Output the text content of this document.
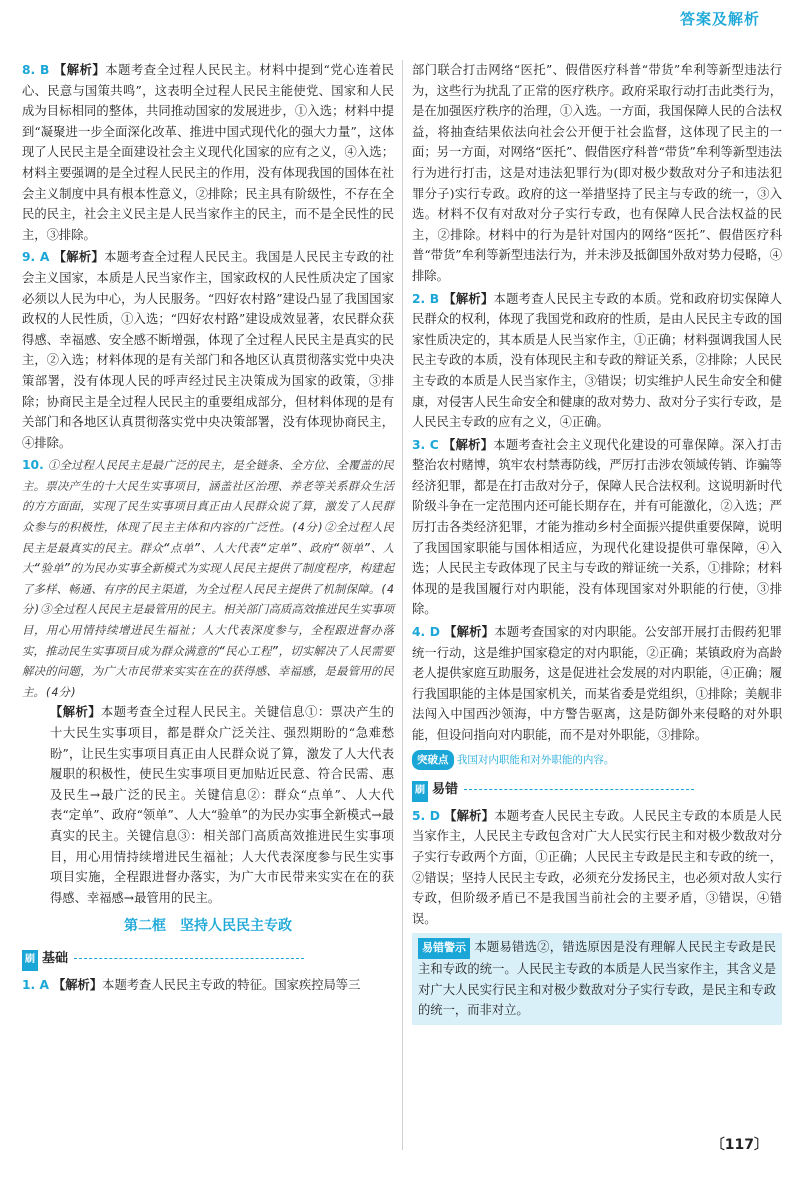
答案及解析

8. B 【解析】本题考查全过程人民民主。材料中提到“党心连着民心、民意与国策共鸣”，这表明全过程人民民主能使党、国家和人民成为目标相同的整体，共同推动国家的发展进步，①入选；材料中提到“凝聚进一步全面深化改革、推进中国式现代化的强大力量”，这体现了人民民主是全面建设社会主义现代化国家的应有之义，④入选；材料主要强调的是全过程人民民主的作用，没有体现我国的国体在社会主义制度中具有根本性意义，②排除；民主具有阶级性，不存在全民的民主，社会主义民主是人民当家作主的民主，而不是全民性的民主，③排除。

9. A 【解析】本题考查全过程人民民主。我国是人民民主专政的社会主义国家，本质是人民当家作主，国家政权的人民性质决定了国家必须以人民为中心，为人民服务。“四好农村路”建设凸显了我国国家政权的人民性质，①入选；“四好农村路”建设成效显著，农民群众获得感、幸福感、安全感不断增强，体现了全过程人民民主是真实的民主，②入选；材料体现的是有关部门和各地区认真贯彻落实党中央决策部署，没有体现人民的呼声经过民主决策成为国家的政策，③排除；协商民主是全过程人民民主的重要组成部分，但材料体现的是有关部门和各地区认真贯彻落实党中央决策部署，没有体现协商民主，④排除。

10. ①全过程人民民主是最广泛的民主，是全链条、全方位、全覆盖的民主。票决产生的十大民生实事项目，涵盖社区治理、养老等关系群众生活的方方面面，实现了民生实事项目真正由人民群众说了算，激发了人民群众参与的积极性，体现了民主主体和内容的广泛性。(4分)②全过程人民民主是最真实的民主。群众“点单”、人大代表“定单”、政府“领单”、人大“验单”的为民办实事全新模式为实现人民民主提供了制度程序，构建起了多样、畅通、有序的民主渠道，为全过程人民民主提供了机制保障。(4分)③全过程人民民主是最管用的民主。相关部门高质高效推进民生实事项目，用心用情持续增进民生福祉；人大代表深度参与，全程跟进督办落实，推动民生实事项目成为群众满意的“民心工程”，切实解决了人民需要解决的问题，为广大市民带来实实在在的获得感、幸福感，是最管用的民主。(4分)

【解析】本题考查全过程人民民主。关键信息①：票决产生的十大民生实事项目，都是群众广泛关注、强烈期盼的“急难愁盼”，让民生实事项目真正由人民群众说了算，激发了人大代表履职的积极性，使民生实事项目更加贴近民意、符合民需、惠及民生→最广泛的民主。关键信息②：群众“点单”、人大代表“定单”、政府“领单”、人大“验单”的为民办实事全新模式→最真实的民主。关键信息③：相关部门高质高效推进民生实事项目，用心用情持续增进民生福祉；人大代表深度参与民生实事项目实施，全程跟进督办落实，为广大市民带来实实在在的获得感、幸福感→最管用的民主。

第二框　坚持人民民主专政
刷 基础

1. A 【解析】本题考查人民民主专政的特征。国家疾控局等三

部门联合打击网络“医托”、假借医疗科普“带货”牟利等新型违法行为，这些行为扰乱了正常的医疗秩序。政府采取行动打击此类行为，是在加强医疗秩序的治理，①入选。一方面，我国保障人民的合法权益，将抽查结果依法向社会公开便于社会监督，这体现了民主的一面；另一方面，对网络“医托”、假借医疗科普“带货”牟利等新型违法行为进行打击，这是对违法犯罪行为(即对极少数敌对分子和违法犯罪分子)实行专政。政府的这一举措坚持了民主与专政的统一，③入选。材料不仅有对敌对分子实行专政，也有保障人民合法权益的民主，②排除。材料中的行为是针对国内的网络“医托”、假借医疗科普“带货”牟利等新型违法行为，并未涉及抵御国外敌对势力侵略，④排除。

2. B 【解析】本题考查人民民主专政的本质。党和政府切实保障人民群众的权利，体现了我国党和政府的性质，是由人民民主专政的国家性质决定的，其本质是人民当家作主，①正确；材料强调我国人民民主专政的本质，没有体现民主和专政的辩证关系，②排除；人民民主专政的本质是人民当家作主，③错误；切实维护人民生命安全和健康，对侵害人民生命安全和健康的敌对势力、敌对分子实行专政，是人民民主专政的应有之义，④正确。

3. C 【解析】本题考查社会主义现代化建设的可靠保障。深入打击整治农村赌博，筑牢农村禁毒防线，严厉打击涉农领域传销、诈骗等经济犯罪，都是在打击敌对分子，保障人民合法权利。这说明新时代阶级斗争在一定范围内还可能长期存在，并有可能激化，②入选；严厉打击各类经济犯罪，才能为推动乡村全面振兴提供重要保障，说明了我国国家职能与国体相适应，为现代化建设提供可靠保障，④入选；人民民主专政体现了民主与专政的辩证统一关系，①排除；材料体现的是我国履行对内职能，没有体现国家对外职能的行使，③排除。

4. D 【解析】本题考查国家的对内职能。公安部开展打击假药犯罪统一行动，这是维护国家稳定的对内职能，②正确；某镇政府为高龄老人提供家庭互助服务，这是促进社会发展的对内职能，④正确；履行我国职能的主体是国家机关，而某省委是党组织，①排除；美舰非法闯入中国西沙领海，中方警告驱离，这是防御外来侵略的对外职能，但设问指向对内职能，而不是对外职能，③排除。

突破点 我国对内职能和对外职能的内容。
刷 易错

5. D 【解析】本题考查人民民主专政。人民民主专政的本质是人民当家作主，人民民主专政包含对广大人民实行民主和对极少数敌对分子实行专政两个方面，①正确；人民民主专政是民主和专政的统一，②错误；坚持人民民主专政，必须充分发扬民主，也必须对敌人实行专政，但阶级矛盾已不是我国当前社会的主要矛盾，③错误，④错误。

易错警示 本题易错选②，错选原因是没有理解人民民主专政是民主和专政的统一。人民民主专政的本质是人民当家作主，其含义是对广大人民实行民主和对极少数敌对分子实行专政，是民主和专政的统一，而非对立。
〔117〕
